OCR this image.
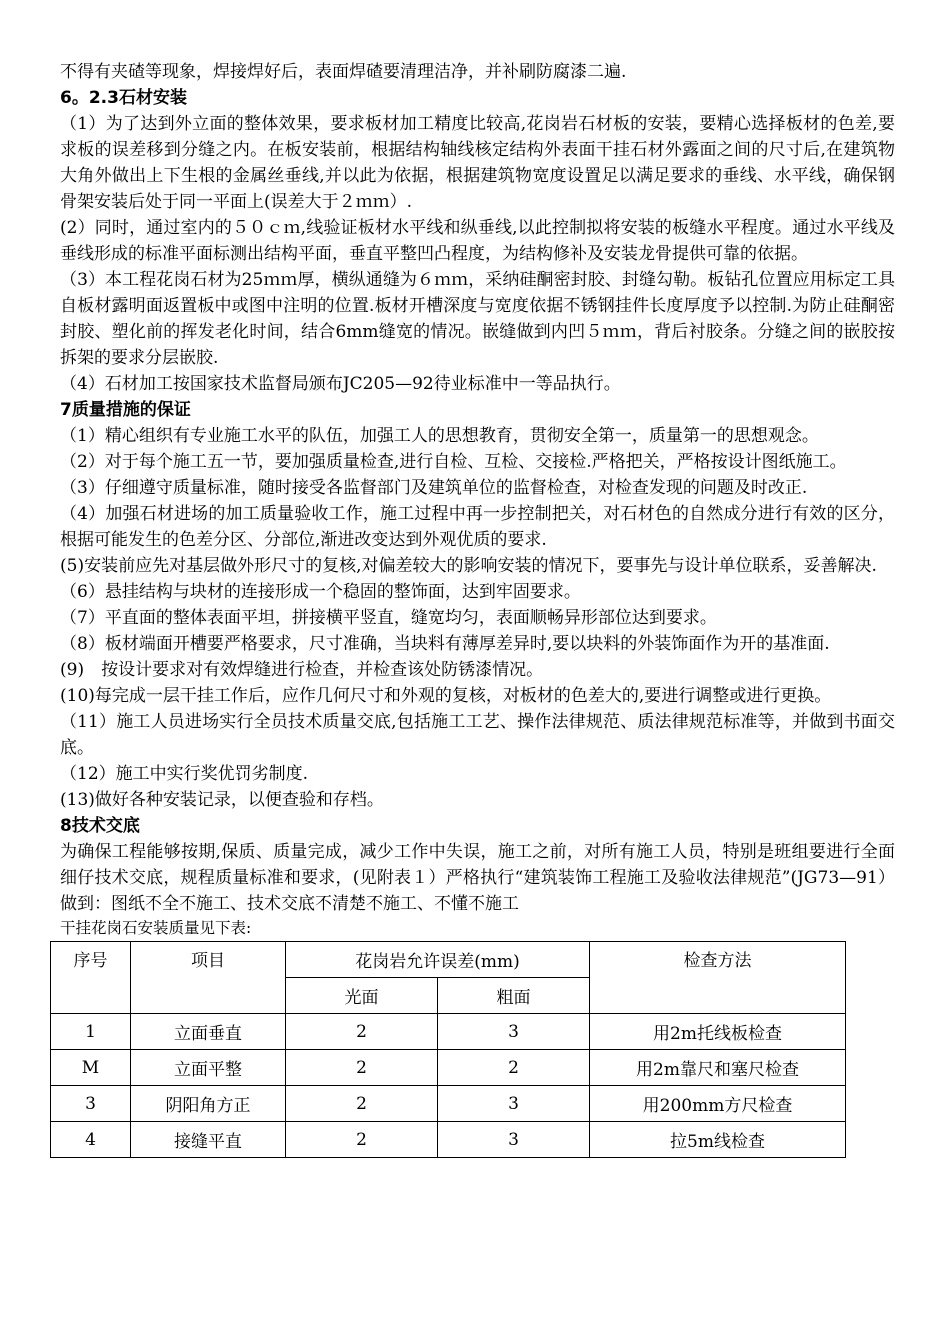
不得有夹碴等现象，焊接焊好后，表面焊碴要清理洁净，并补刷防腐漆二遍.

6。2.3石材安装

（1）为了达到外立面的整体效果，要求板材加工精度比较高,花岗岩石材板的安装，要精心选择板材的色差,要求板的误差移到分缝之内。在板安装前，根据结构轴线核定结构外表面干挂石材外露面之间的尺寸后,在建筑物大角外做出上下生根的金属丝垂线,并以此为依据，根据建筑物宽度设置足以满足要求的垂线、水平线，确保钢骨架安装后处于同一平面上(误差大于２ｍｍ）.

(2）同时，通过室内的５０ｃｍ,线验证板材水平线和纵垂线,以此控制拟将安装的板缝水平程度。通过水平线及垂线形成的标准平面标测出结构平面，垂直平整凹凸程度，为结构修补及安装龙骨提供可靠的依据。

（3）本工程花岗石材为25ｍｍ厚，横纵通缝为６ｍｍ，采纳硅酮密封胶、封缝勾勒。板钻孔位置应用标定工具自板材露明面返置板中或图中注明的位置.板材开槽深度与宽度依据不锈钢挂件长度厚度予以控制.为防止硅酮密封胶、塑化前的挥发老化时间，结合6mm缝宽的情况。嵌缝做到内凹５ｍｍ，背后衬胶条。分缝之间的嵌胶按拆架的要求分层嵌胶.

（4）石材加工按国家技术监督局颁布JC205—92待业标准中一等品执行。

7质量措施的保证

（1）精心组织有专业施工水平的队伍，加强工人的思想教育，贯彻安全第一，质量第一的思想观念。

（2）对于每个施工五一节，要加强质量检查,进行自检、互检、交接检.严格把关，严格按设计图纸施工。

（3）仔细遵守质量标准，随时接受各监督部门及建筑单位的监督检查，对检查发现的问题及时改正.

（4）加强石材进场的加工质量验收工作，施工过程中再一步控制把关，对石材色的自然成分进行有效的区分，根据可能发生的色差分区、分部位,渐进改变达到外观优质的要求.

(5)安装前应先对基层做外形尺寸的复核,对偏差较大的影响安装的情况下，要事先与设计单位联系，妥善解决.

（6）悬挂结构与块材的连接形成一个稳固的整饰面，达到牢固要求。

（7）平直面的整体表面平坦，拼接横平竖直，缝宽均匀，表面顺畅异形部位达到要求。

（8）板材端面开槽要严格要求，尺寸准确，当块料有薄厚差异时,要以块料的外装饰面作为开的基准面.

(9)　按设计要求对有效焊缝进行检查，并检查该处防锈漆情况。

(10)每完成一层干挂工作后，应作几何尺寸和外观的复核，对板材的色差大的,要进行调整或进行更换。

（11）施工人员进场实行全员技术质量交底,包括施工工艺、操作法律规范、质法律规范标准等，并做到书面交底。

（12）施工中实行奖优罚劣制度.

(13)做好各种安装记录，以便查验和存档。

8技术交底

为确保工程能够按期,保质、质量完成，减少工作中失误，施工之前，对所有施工人员，特别是班组要进行全面细仔技术交底，规程质量标准和要求，(见附表１）严格执行“建筑装饰工程施工及验收法律规范”(JG73—91）做到：图纸不全不施工、技术交底不清楚不施工、不懂不施工

干挂花岗石安装质量见下表:

序号	项目	花岗岩允许误差(mm)		检查方法
		光面	粗面	
1	立面垂直	2	3	用2m托线板检查
M	立面平整	2	2	用2m靠尺和塞尺检查
3	阴阳角方正	2	3	用200mm方尺检查
4	接缝平直	2	3	拉5m线检查
